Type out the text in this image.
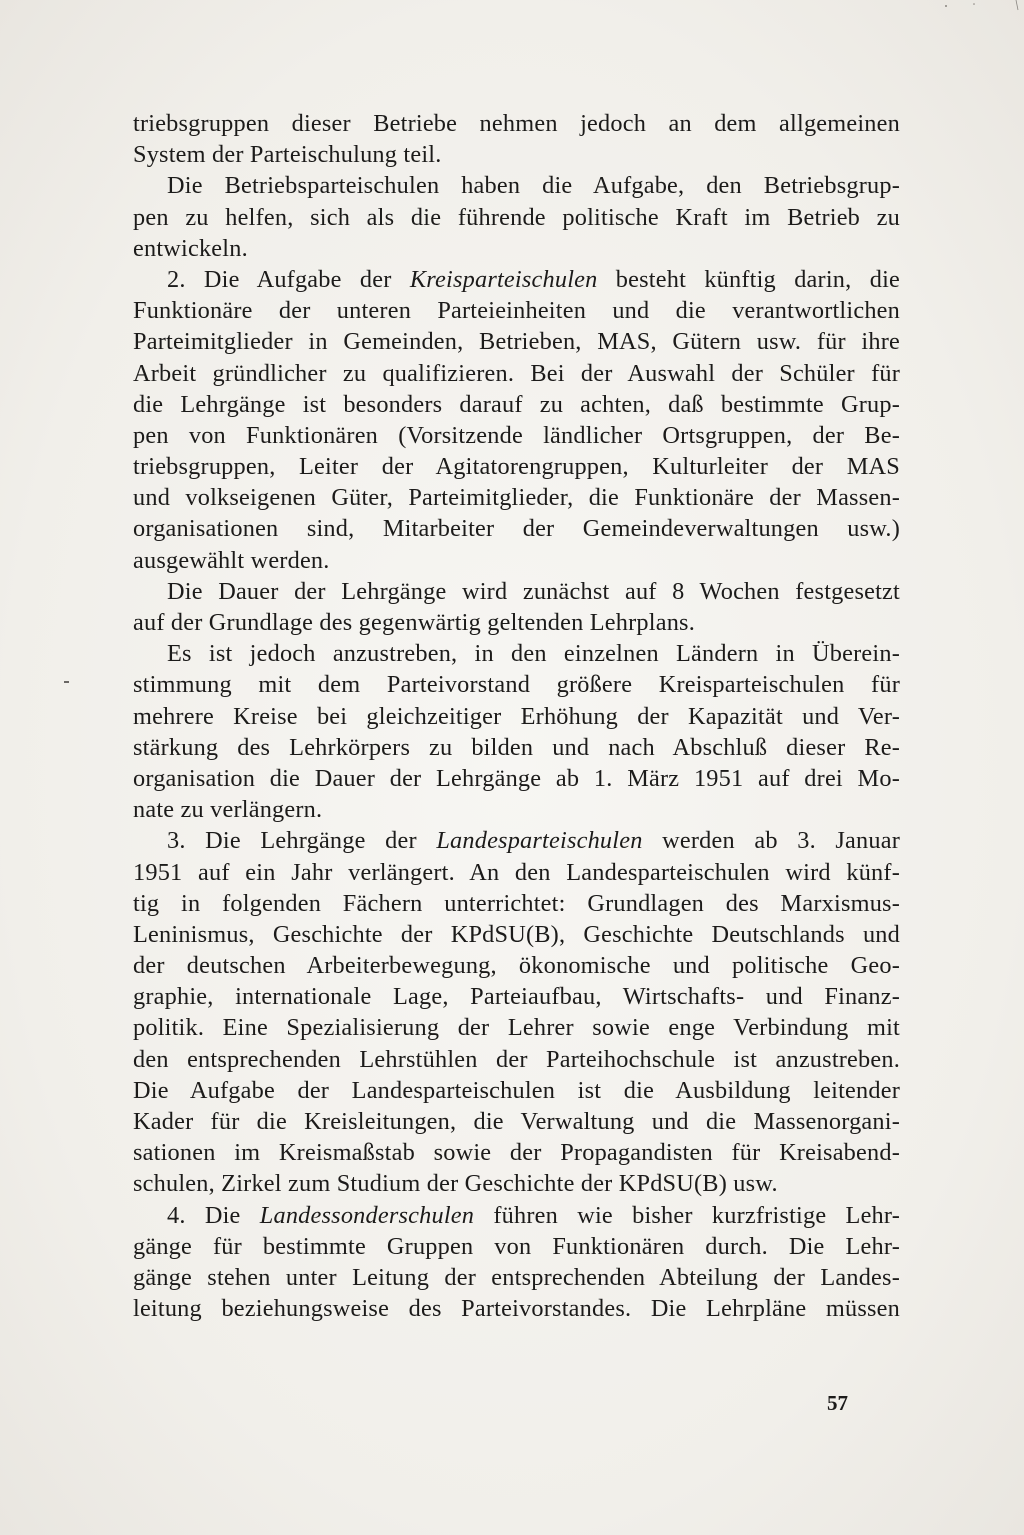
triebsgruppen dieser Betriebe nehmen jedoch an dem allgemeinen
System der Parteischulung teil.
Die Betriebsparteischulen haben die Aufgabe, den Betriebsgrup-
pen zu helfen, sich als die führende politische Kraft im Betrieb zu
entwickeln.
2. Die Aufgabe der Kreisparteischulen besteht künftig darin, die
Funktionäre der unteren Parteieinheiten und die verantwortlichen
Parteimitglieder in Gemeinden, Betrieben, MAS, Gütern usw. für ihre
Arbeit gründlicher zu qualifizieren. Bei der Auswahl der Schüler für
die Lehrgänge ist besonders darauf zu achten, daß bestimmte Grup-
pen von Funktionären (Vorsitzende ländlicher Ortsgruppen, der Be-
triebsgruppen, Leiter der Agitatorengruppen, Kulturleiter der MAS
und volkseigenen Güter, Parteimitglieder, die Funktionäre der Massen-
organisationen sind, Mitarbeiter der Gemeindeverwaltungen usw.)
ausgewählt werden.
Die Dauer der Lehrgänge wird zunächst auf 8 Wochen festgesetzt
auf der Grundlage des gegenwärtig geltenden Lehrplans.
Es ist jedoch anzustreben, in den einzelnen Ländern in Überein-
stimmung mit dem Parteivorstand größere Kreisparteischulen für
mehrere Kreise bei gleichzeitiger Erhöhung der Kapazität und Ver-
stärkung des Lehrkörpers zu bilden und nach Abschluß dieser Re-
organisation die Dauer der Lehrgänge ab 1. März 1951 auf drei Mo-
nate zu verlängern.
3. Die Lehrgänge der Landesparteischulen werden ab 3. Januar
1951 auf ein Jahr verlängert. An den Landesparteischulen wird künf-
tig in folgenden Fächern unterrichtet: Grundlagen des Marxismus-
Leninismus, Geschichte der KPdSU(B), Geschichte Deutschlands und
der deutschen Arbeiterbewegung, ökonomische und politische Geo-
graphie, internationale Lage, Parteiaufbau, Wirtschafts- und Finanz-
politik. Eine Spezialisierung der Lehrer sowie enge Verbindung mit
den entsprechenden Lehrstühlen der Parteihochschule ist anzustreben.
Die Aufgabe der Landesparteischulen ist die Ausbildung leitender
Kader für die Kreisleitungen, die Verwaltung und die Massenorgani-
sationen im Kreismaßstab sowie der Propagandisten für Kreisabend-
schulen, Zirkel zum Studium der Geschichte der KPdSU(B) usw.
4. Die Landessonderschulen führen wie bisher kurzfristige Lehr-
gänge für bestimmte Gruppen von Funktionären durch. Die Lehr-
gänge stehen unter Leitung der entsprechenden Abteilung der Landes-
leitung beziehungsweise des Parteivorstandes. Die Lehrpläne müssen
57
